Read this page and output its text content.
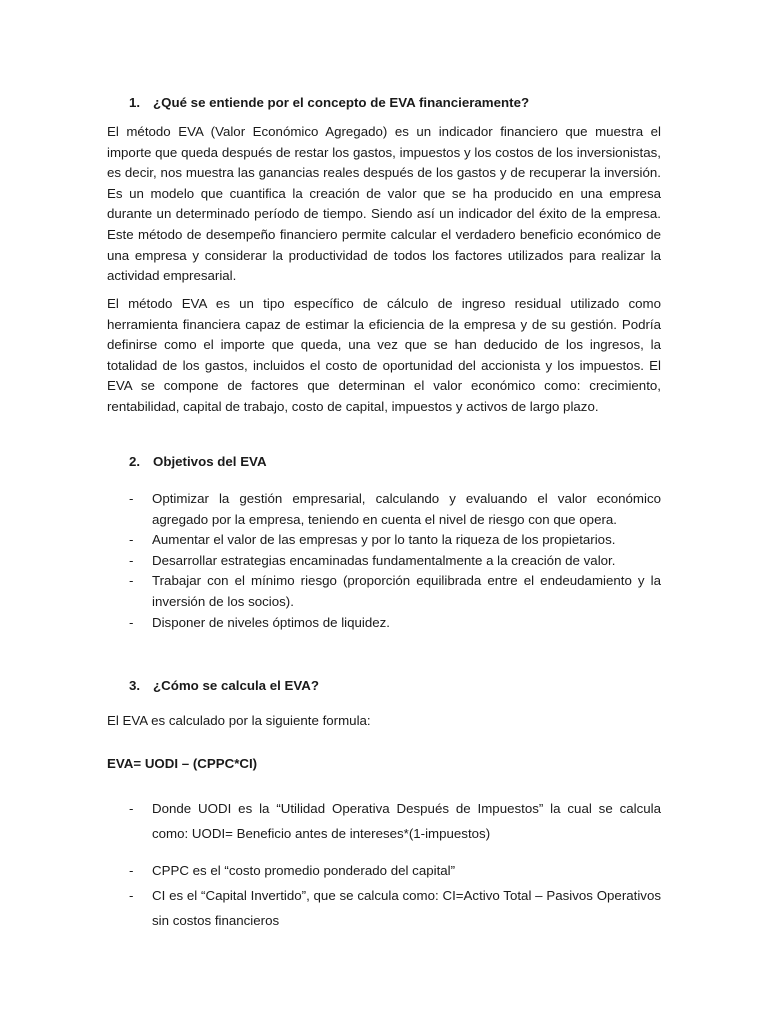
1. ¿Qué se entiende por el concepto de EVA financieramente?

El método EVA (Valor Económico Agregado) es un indicador financiero que muestra el importe que queda después de restar los gastos, impuestos y los costos de los inversionistas, es decir, nos muestra las ganancias reales después de los gastos y de recuperar la inversión. Es un modelo que cuantifica la creación de valor que se ha producido en una empresa durante un determinado período de tiempo. Siendo así un indicador del éxito de la empresa. Este método de desempeño financiero permite calcular el verdadero beneficio económico de una empresa y considerar la productividad de todos los factores utilizados para realizar la actividad empresarial.

El método EVA es un tipo específico de cálculo de ingreso residual utilizado como herramienta financiera capaz de estimar la eficiencia de la empresa y de su gestión. Podría definirse como el importe que queda, una vez que se han deducido de los ingresos, la totalidad de los gastos, incluidos el costo de oportunidad del accionista y los impuestos. El EVA se compone de factores que determinan el valor económico como: crecimiento, rentabilidad, capital de trabajo, costo de capital, impuestos y activos de largo plazo.

2. Objetivos del EVA
- Optimizar la gestión empresarial, calculando y evaluando el valor económico agregado por la empresa, teniendo en cuenta el nivel de riesgo con que opera.
- Aumentar el valor de las empresas y por lo tanto la riqueza de los propietarios.
- Desarrollar estrategias encaminadas fundamentalmente a la creación de valor.
- Trabajar con el mínimo riesgo (proporción equilibrada entre el endeudamiento y la inversión de los socios).
- Disponer de niveles óptimos de liquidez.
3. ¿Cómo se calcula el EVA?

El EVA es calculado por la siguiente formula:

EVA= UODI – (CPPC*CI)

- Donde UODI es la “Utilidad Operativa Después de Impuestos” la cual se calcula como: UODI= Beneficio antes de intereses*(1-impuestos)
- CPPC es el “costo promedio ponderado del capital”
- CI es el “Capital Invertido”, que se calcula como: CI=Activo Total – Pasivos Operativos sin costos financieros
